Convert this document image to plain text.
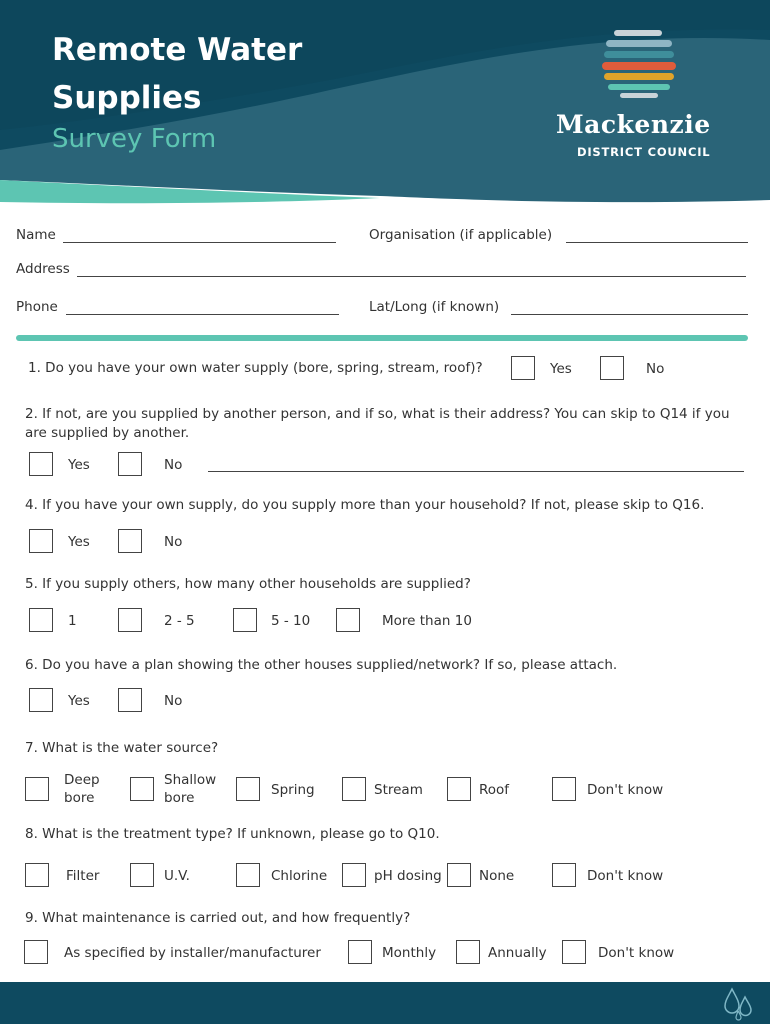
Remote Water
Supplies
Survey Form	Mackenzie
DISTRICT COUNCIL
Name	Organisation (if applicable)
Address
Phone	Lat/Long (if known)
1. Do you have your own water supply (bore, spring, stream, roof)?	Yes	No
2. If not, are you supplied by another person, and if so, what is their address? You can skip to Q14 if you are supplied by another.
Yes	No
4. If you have your own supply, do you supply more than your household? If not, please skip to Q16.
Yes	No
5. If you supply others, how many other households are supplied?
1	2 - 5	5 - 10	More than 10
6. Do you have a plan showing the other houses supplied/network? If so, please attach.
Yes	No
7. What is the water source?
Deep bore
Shallow bore	Spring	Stream	Roof	Don't know
8. What is the treatment type? If unknown, please go to Q10.
Filter	U.V.	Chlorine	pH dosing	None	Don't know
9. What maintenance is carried out, and how frequently?
As specified by installer/manufacturer	Monthly	Annually	Don't know
